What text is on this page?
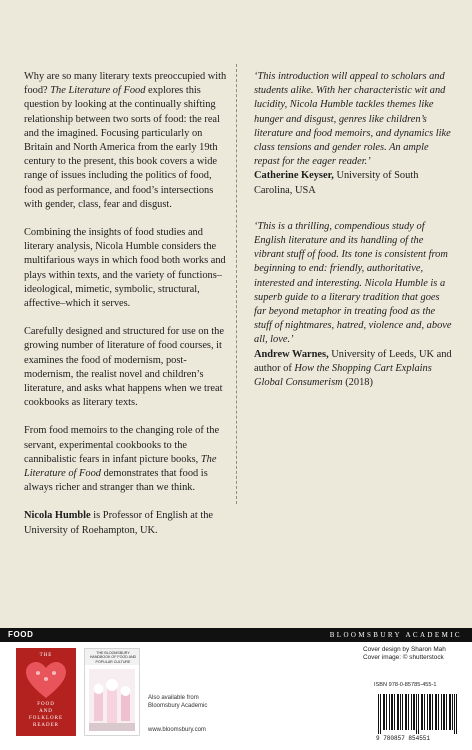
Why are so many literary texts preoccupied with food? The Literature of Food explores this question by looking at the continually shifting relationship between two sorts of food: the real and the imagined. Focusing particularly on Britain and North America from the early 19th century to the present, this book covers a wide range of issues including the politics of food, food as performance, and food’s intersections with gender, class, fear and disgust.

Combining the insights of food studies and literary analysis, Nicola Humble considers the multifarious ways in which food both works and plays within texts, and the variety of functions–ideological, mimetic, symbolic, structural, affective–which it serves.

Carefully designed and structured for use on the growing number of literature of food courses, it examines the food of modernism, post-modernism, the realist novel and children’s literature, and asks what happens when we treat cookbooks as literary texts.

From food memoirs to the changing role of the servant, experimental cookbooks to the cannibalistic fears in infant picture books, The Literature of Food demonstrates that food is always richer and stranger than we think.

Nicola Humble is Professor of English at the University of Roehampton, UK.

‘This introduction will appeal to scholars and students alike. With her characteristic wit and lucidity, Nicola Humble tackles themes like hunger and disgust, genres like children’s literature and food memoirs, and dynamics like class tensions and gender roles. An ample repast for the eager reader.’
Catherine Keyser, University of South Carolina, USA
‘This is a thrilling, compendious study of English literature and its handling of the vibrant stuff of food. Its tone is consistent from beginning to end: friendly, authoritative, interested and interesting. Nicola Humble is a superb guide to a literary tradition that goes far beyond metaphor in treating food as the stuff of nightmares, hatred, violence and, above all, love.’
Andrew Warnes, University of Leeds, UK and author of How the Shopping Cart Explains Global Consumerism (2018)
FOOD	BLOOMSBURY ACADEMIC
THE
FOOD
AND
FOLKLORE
READER
THE BLOOMSBURY HANDBOOK OF FOOD AND POPULAR CULTURE
Also available from Bloomsbury Academic
www.bloomsbury.com
Cover design by Sharon Mah
Cover image: © shutterstock
ISBN 978-0-85785-455-1
9 780857 854551
